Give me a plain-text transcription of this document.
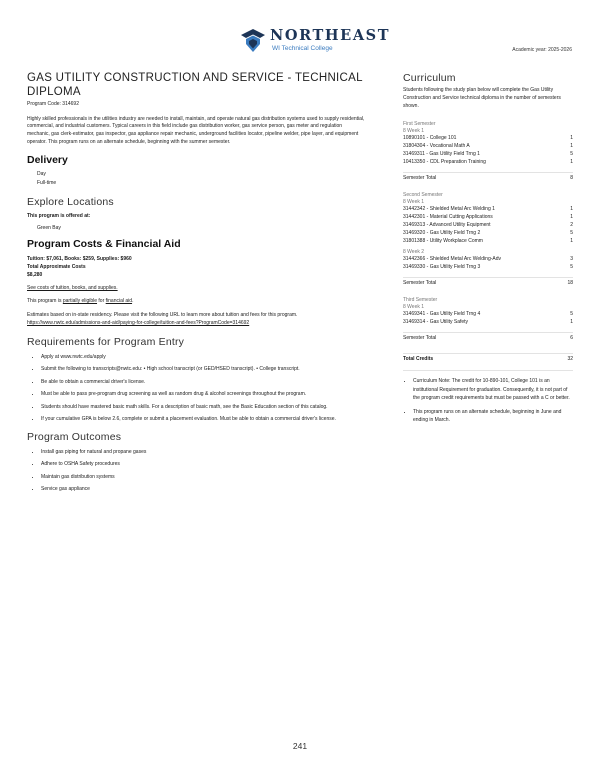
NORTHEAST
WI Technical College	Academic year: 2025-2026
GAS UTILITY CONSTRUCTION AND SERVICE - TECHNICAL DIPLOMA
Program Code: 314692

Highly skilled professionals in the utilities industry are needed to install, maintain, and operate natural gas distribution systems used to supply residential, commercial, and industrial customers. Typical careers in this field include gas distribution worker, gas service person, gas meter and regulation mechanic, gas clerk-estimator, gas inspector, gas appliance repair mechanic, underground facilities locator, pipeline welder, pipe layer, and equipment operator. This program runs on an alternate schedule, beginning with the summer semester.

Delivery
Day
Full-time
Explore Locations
This program is offered at:
Green Bay
Program Costs & Financial Aid
Tuition: $7,061, Books: $259, Supplies: $960
Total Approximate Costs
$8,280

See costs of tuition, books, and supplies.

This program is partially eligible for financial aid.

Estimates based on in-state residency. Please visit the following URL to learn more about tuition and fees for this program.
https://www.nwtc.edu/admissions-and-aid/paying-for-college/tuition-and-fees?ProgramCode=314692

Requirements for Program Entry
• Apply at www.nwtc.edu/apply
• Submit the following to transcripts@nwtc.edu: • High school transcript (or GED/HSED transcript). • College transcript.
• Be able to obtain a commercial driver's license.
• Must be able to pass pre-program drug screening as well as random drug & alcohol screenings throughout the program.
• Students should have mastered basic math skills. For a description of basic math, see the Basic Education section of this catalog.
• If your cumulative GPA is below 2.6, complete or submit a placement evaluation. Must be able to obtain a commercial driver's license.
Program Outcomes
• Install gas piping for natural and propane gases
• Adhere to OSHA Safety procedures
• Maintain gas distribution systems
• Service gas appliance
Curriculum

Students following the study plan below will complete the Gas Utility Construction and Service technical diploma in the number of semesters shown.

First Semester
8 Week 1
10890101 - College 101	1
31804304 - Vocational Math A	1
31469311 - Gas Utility Field Trng 1	5
10413350 - CDL Preparation Training	1
Semester Total	8
Second Semester
8 Week 1
31442342 - Shielded Metal Arc Welding 1	1
31442301 - Material Cutting Applications	1
31469313 - Advanced Utility Equipment	2
31469320 - Gas Utility Field Trng 2	5
31801388 - Utility Workplace Comm	1
8 Week 2
31442366 - Shielded Metal Arc Welding-Adv	3
31469330 - Gas Utility Field Trng 3	5
Semester Total	18
Third Semester
8 Week 1
31469341 - Gas Utility Field Trng 4	5
31469314 - Gas Utility Safety	1
Semester Total	6
Total Credits	32
• Curriculum Note: The credit for 10-890-101, College 101 is an institutional Requirement for graduation. Consequently, it is not part of the program credit requirements but must be passed with a C or better.
• This program runs on an alternate schedule, beginning in June and ending in March.
241
